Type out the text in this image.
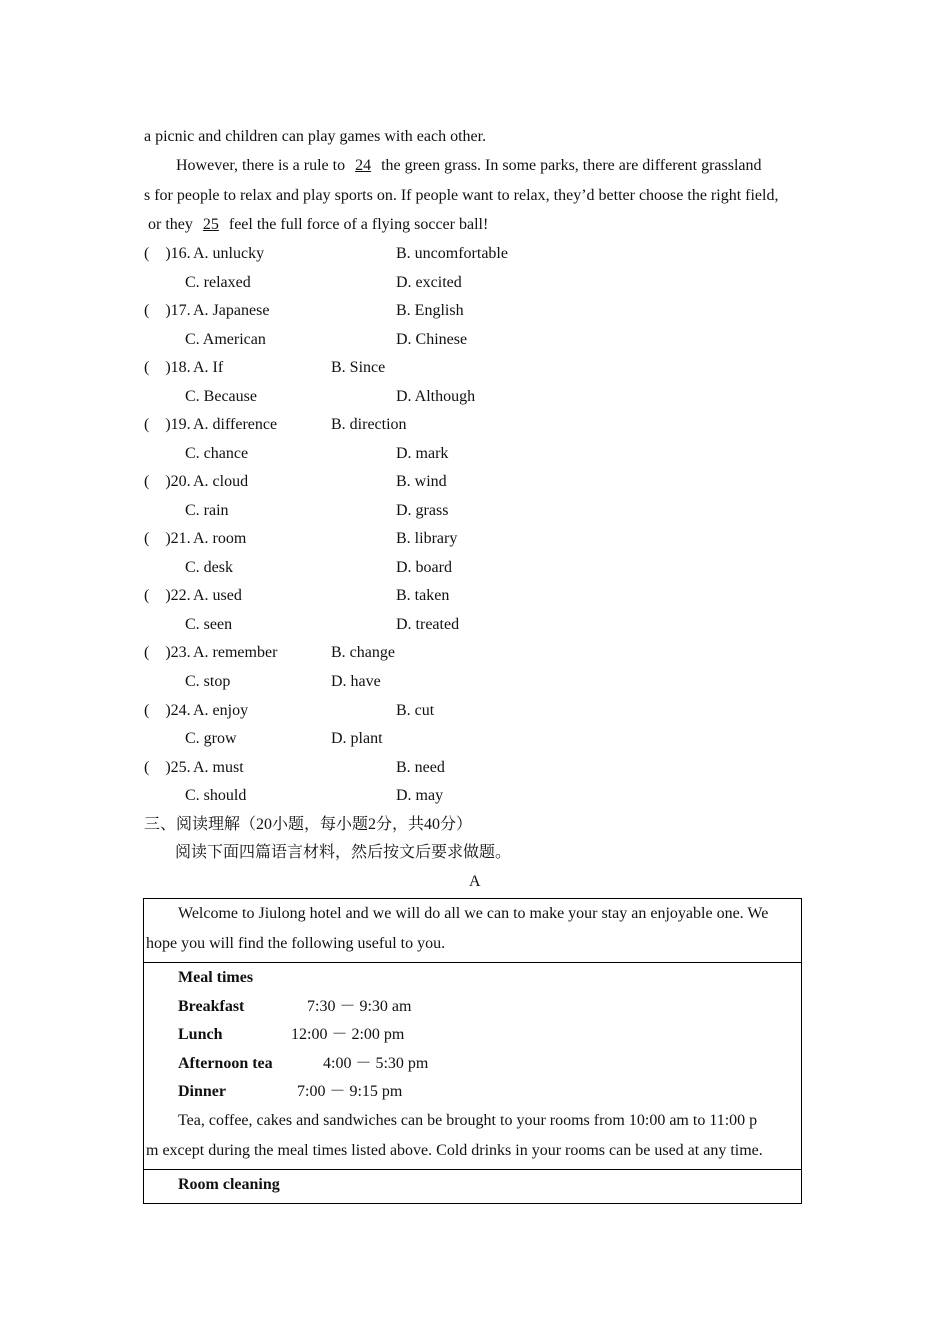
a picnic and children can play games with each other.
However, there is a rule to 24 the green grass. In some parks, there are different grassland
s for people to relax and play sports on. If people want to relax, they’d better choose the right field,
or they 25 feel the full force of a flying soccer ball!
(    )16. A. unlucky	B. uncomfortable
C. relaxed	D. excited
(    )17. A. Japanese	B. English
C. American	D. Chinese
(    )18. A. If	B. Since
C. Because	D. Although
(    )19. A. difference	B. direction
C. chance	D. mark
(    )20. A. cloud	B. wind
C. rain	D. grass
(    )21. A. room	B. library
C. desk	D. board
(    )22. A. used	B. taken
C. seen	D. treated
(    )23. A. remember	B. change
C. stop	D. have
(    )24. A. enjoy	B. cut
C. grow	D. plant
(    )25. A. must	B. need
C. should	D. may
三、阅读理解（20小题，每小题2分，共40分）
阅读下面四篇语言材料，然后按文后要求做题。
A
Welcome to Jiulong hotel and we will do all we can to make your stay an enjoyable one. We
hope you will find the following useful to you.
Meal times
Breakfast	7:30 － 9:30 am
Lunch	12:00 － 2:00 pm
Afternoon tea	4:00 － 5:30 pm
Dinner	7:00 － 9:15 pm
Tea, coffee, cakes and sandwiches can be brought to your rooms from 10:00 am to 11:00 p
m except during the meal times listed above. Cold drinks in your rooms can be used at any time.
Room cleaning
